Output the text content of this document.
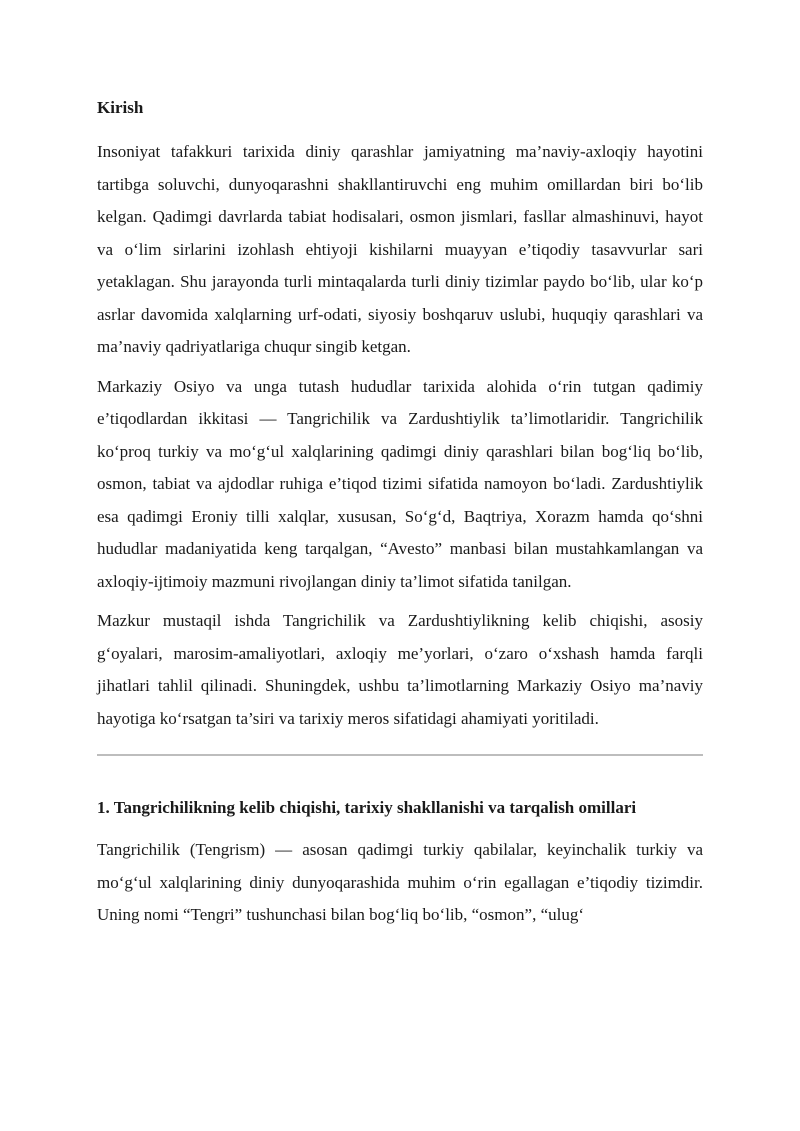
Kirish

Insoniyat tafakkuri tarixida diniy qarashlar jamiyatning ma’naviy-axloqiy hayotini tartibga soluvchi, dunyoqarashni shakllantiruvchi eng muhim omillardan biri bo‘lib kelgan. Qadimgi davrlarda tabiat hodisalari, osmon jismlari, fasllar almashinuvi, hayot va o‘lim sirlarini izohlash ehtiyoji kishilarni muayyan e’tiqodiy tasavvurlar sari yetaklagan. Shu jarayonda turli mintaqalarda turli diniy tizimlar paydo bo‘lib, ular ko‘p asrlar davomida xalqlarning urf-odati, siyosiy boshqaruv uslubi, huquqiy qarashlari va ma’naviy qadriyatlariga chuqur singib ketgan.

Markaziy Osiyo va unga tutash hududlar tarixida alohida o‘rin tutgan qadimiy e’tiqodlardan ikkitasi — Tangrichilik va Zardushtiylik ta’limotlaridir. Tangrichilik ko‘proq turkiy va mo‘g‘ul xalqlarining qadimgi diniy qarashlari bilan bog‘liq bo‘lib, osmon, tabiat va ajdodlar ruhiga e’tiqod tizimi sifatida namoyon bo‘ladi. Zardushtiylik esa qadimgi Eroniy tilli xalqlar, xususan, So‘g‘d, Baqtriya, Xorazm hamda qo‘shni hududlar madaniyatida keng tarqalgan, “Avesto” manbasi bilan mustahkamlangan va axloqiy-ijtimoiy mazmuni rivojlangan diniy ta’limot sifatida tanilgan.

Mazkur mustaqil ishda Tangrichilik va Zardushtiylikning kelib chiqishi, asosiy g‘oyalari, marosim-amaliyotlari, axloqiy me’yorlari, o‘zaro o‘xshash hamda farqli jihatlari tahlil qilinadi. Shuningdek, ushbu ta’limotlarning Markaziy Osiyo ma’naviy hayotiga ko‘rsatgan ta’siri va tarixiy meros sifatidagi ahamiyati yoritiladi.

1. Tangrichilikning kelib chiqishi, tarixiy shakllanishi va tarqalish omillari

Tangrichilik (Tengrism) — asosan qadimgi turkiy qabilalar, keyinchalik turkiy va mo‘g‘ul xalqlarining diniy dunyoqarashida muhim o‘rin egallagan e’tiqodiy tizimdir. Uning nomi “Tengri” tushunchasi bilan bog‘liq bo‘lib, “osmon”, “ulug‘
